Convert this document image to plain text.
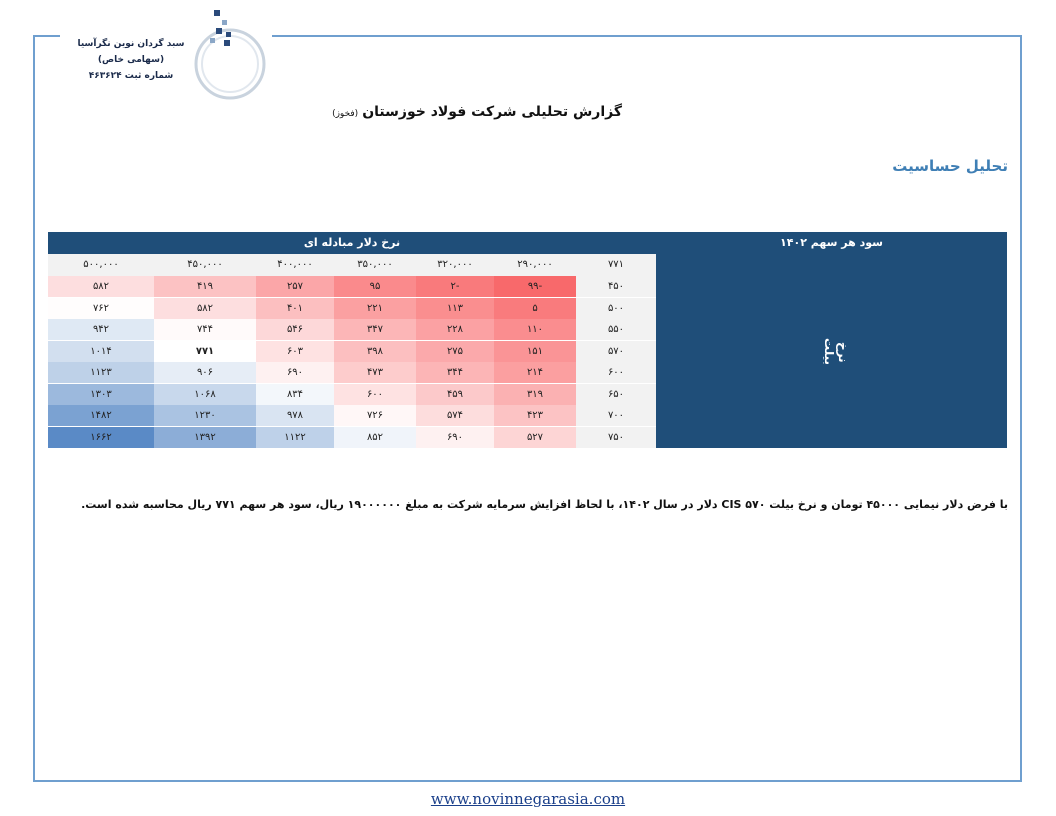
سبد گردان نوین نگرآسیا
(سهامی خاص)
شماره ثبت ۴۶۳۶۲۴
گزارش تحلیلی شرکت فولاد خوزستان(فخوز)
تحلیل حساسیت
نرخ دلار مبادله ای	سود هر سهم ۱۴۰۲
نرخ بیلت
۷۷۱
۲۹۰,۰۰۰
۳۲۰,۰۰۰
۳۵۰,۰۰۰
۴۰۰,۰۰۰
۴۵۰,۰۰۰
۵۰۰,۰۰۰
۴۵۰
-۹۹
-۲
۹۵
۲۵۷
۴۱۹
۵۸۲
۵۰۰
۵
۱۱۳
۲۲۱
۴۰۱
۵۸۲
۷۶۲
۵۵۰
۱۱۰
۲۲۸
۳۴۷
۵۴۶
۷۴۴
۹۴۲
۵۷۰
۱۵۱
۲۷۵
۳۹۸
۶۰۳
۷۷۱
۱۰۱۴
۶۰۰
۲۱۴
۳۴۴
۴۷۳
۶۹۰
۹۰۶
۱۱۲۳
۶۵۰
۳۱۹
۴۵۹
۶۰۰
۸۳۴
۱۰۶۸
۱۳۰۳
۷۰۰
۴۲۳
۵۷۴
۷۲۶
۹۷۸
۱۲۳۰
۱۴۸۲
۷۵۰
۵۲۷
۶۹۰
۸۵۲
۱۱۲۲
۱۳۹۲
۱۶۶۲
با فرض دلار نیمایی ۴۵۰۰۰ تومان و نرخ بیلت CIS ۵۷۰ دلار در سال ۱۴۰۲، با لحاظ افزایش سرمایه شرکت به مبلغ ۱۹۰۰۰۰۰۰ ریال، سود هر سهم ۷۷۱ ریال محاسبه شده است.
www.novinnegarasia.com
